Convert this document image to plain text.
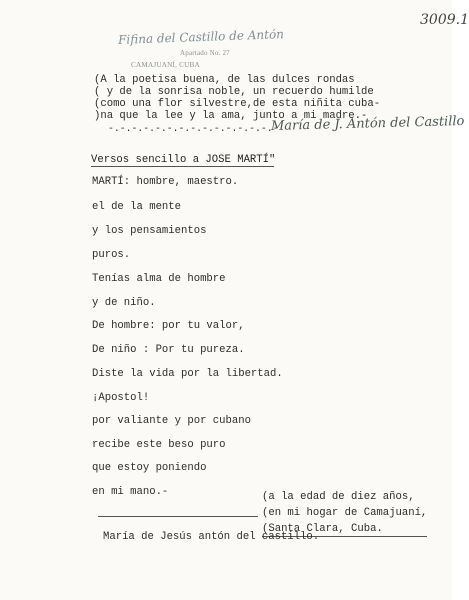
3009.1
Fifina del Castillo de Antón
Apartado No. 27
CAMAJUANÍ, CUBA
(A la poetisa buena, de las dulces rondas
( y de la sonrisa noble, un recuerdo humilde
(como una flor silvestre,de esta niñita cuba-
)na que la lee y la ama, junto a mi madre.-
-.-.-.-.-.-.-.-.-.-.-.-.-.-.-
María de J. Antón del Castillo
Versos sencillo a JOSE MARTÍ"
MARTÍ: hombre, maestro.
el de la mente
y los pensamientos
puros.
Tenías alma de hombre
y de niño.
De hombre: por tu valor,
De niño : Por tu pureza.
Diste la vida por la libertad.
¡Apostol!
por valiante y por cubano
recibe este beso puro
que estoy poniendo
en mi mano.-	(a la edad de diez años,
(en mi hogar de Camajuaní,
(Santa Clara, Cuba.
María de Jesús antón del castillo.
